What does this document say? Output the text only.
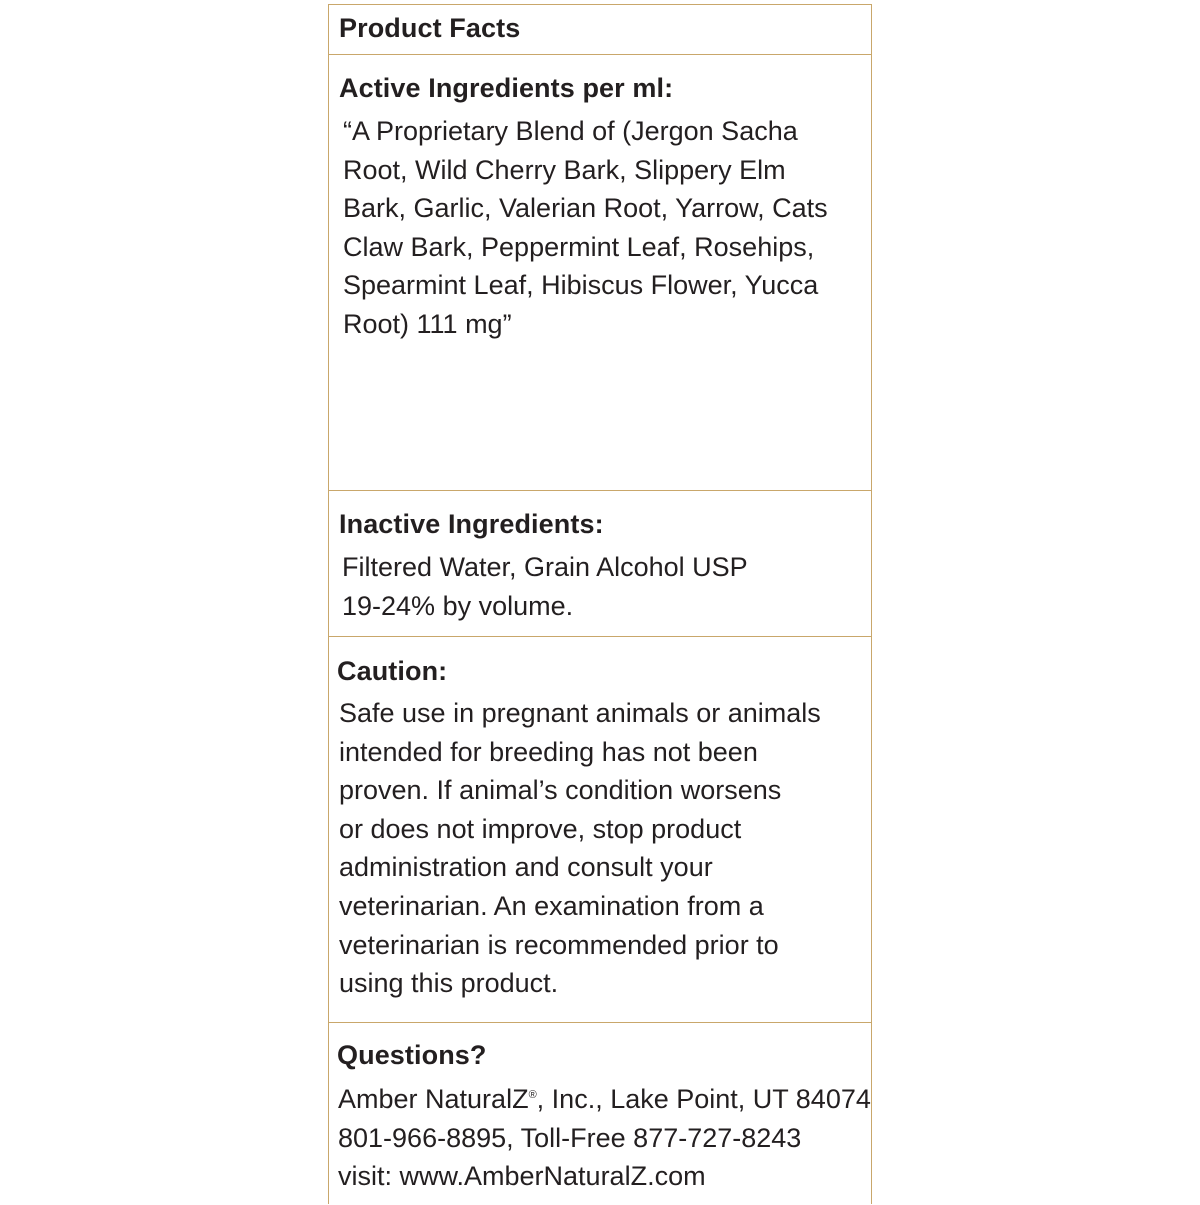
Product Facts
Active Ingredients per ml:
“A Proprietary Blend of (Jergon Sacha
Root, Wild Cherry Bark, Slippery Elm
Bark, Garlic, Valerian Root, Yarrow, Cats
Claw Bark, Peppermint Leaf, Rosehips,
Spearmint Leaf, Hibiscus Flower, Yucca
Root) 111 mg”
Inactive Ingredients:
Filtered Water, Grain Alcohol USP
19-24% by volume.
Caution:
Safe use in pregnant animals or animals
intended for breeding has not been
proven. If animal’s condition worsens
or does not improve, stop product
administration and consult your
veterinarian. An examination from a
veterinarian is recommended prior to
using this product.
Questions?
Amber NaturalZ®, Inc., Lake Point, UT 84074
801-966-8895, Toll-Free 877-727-8243
visit: www.AmberNaturalZ.com
